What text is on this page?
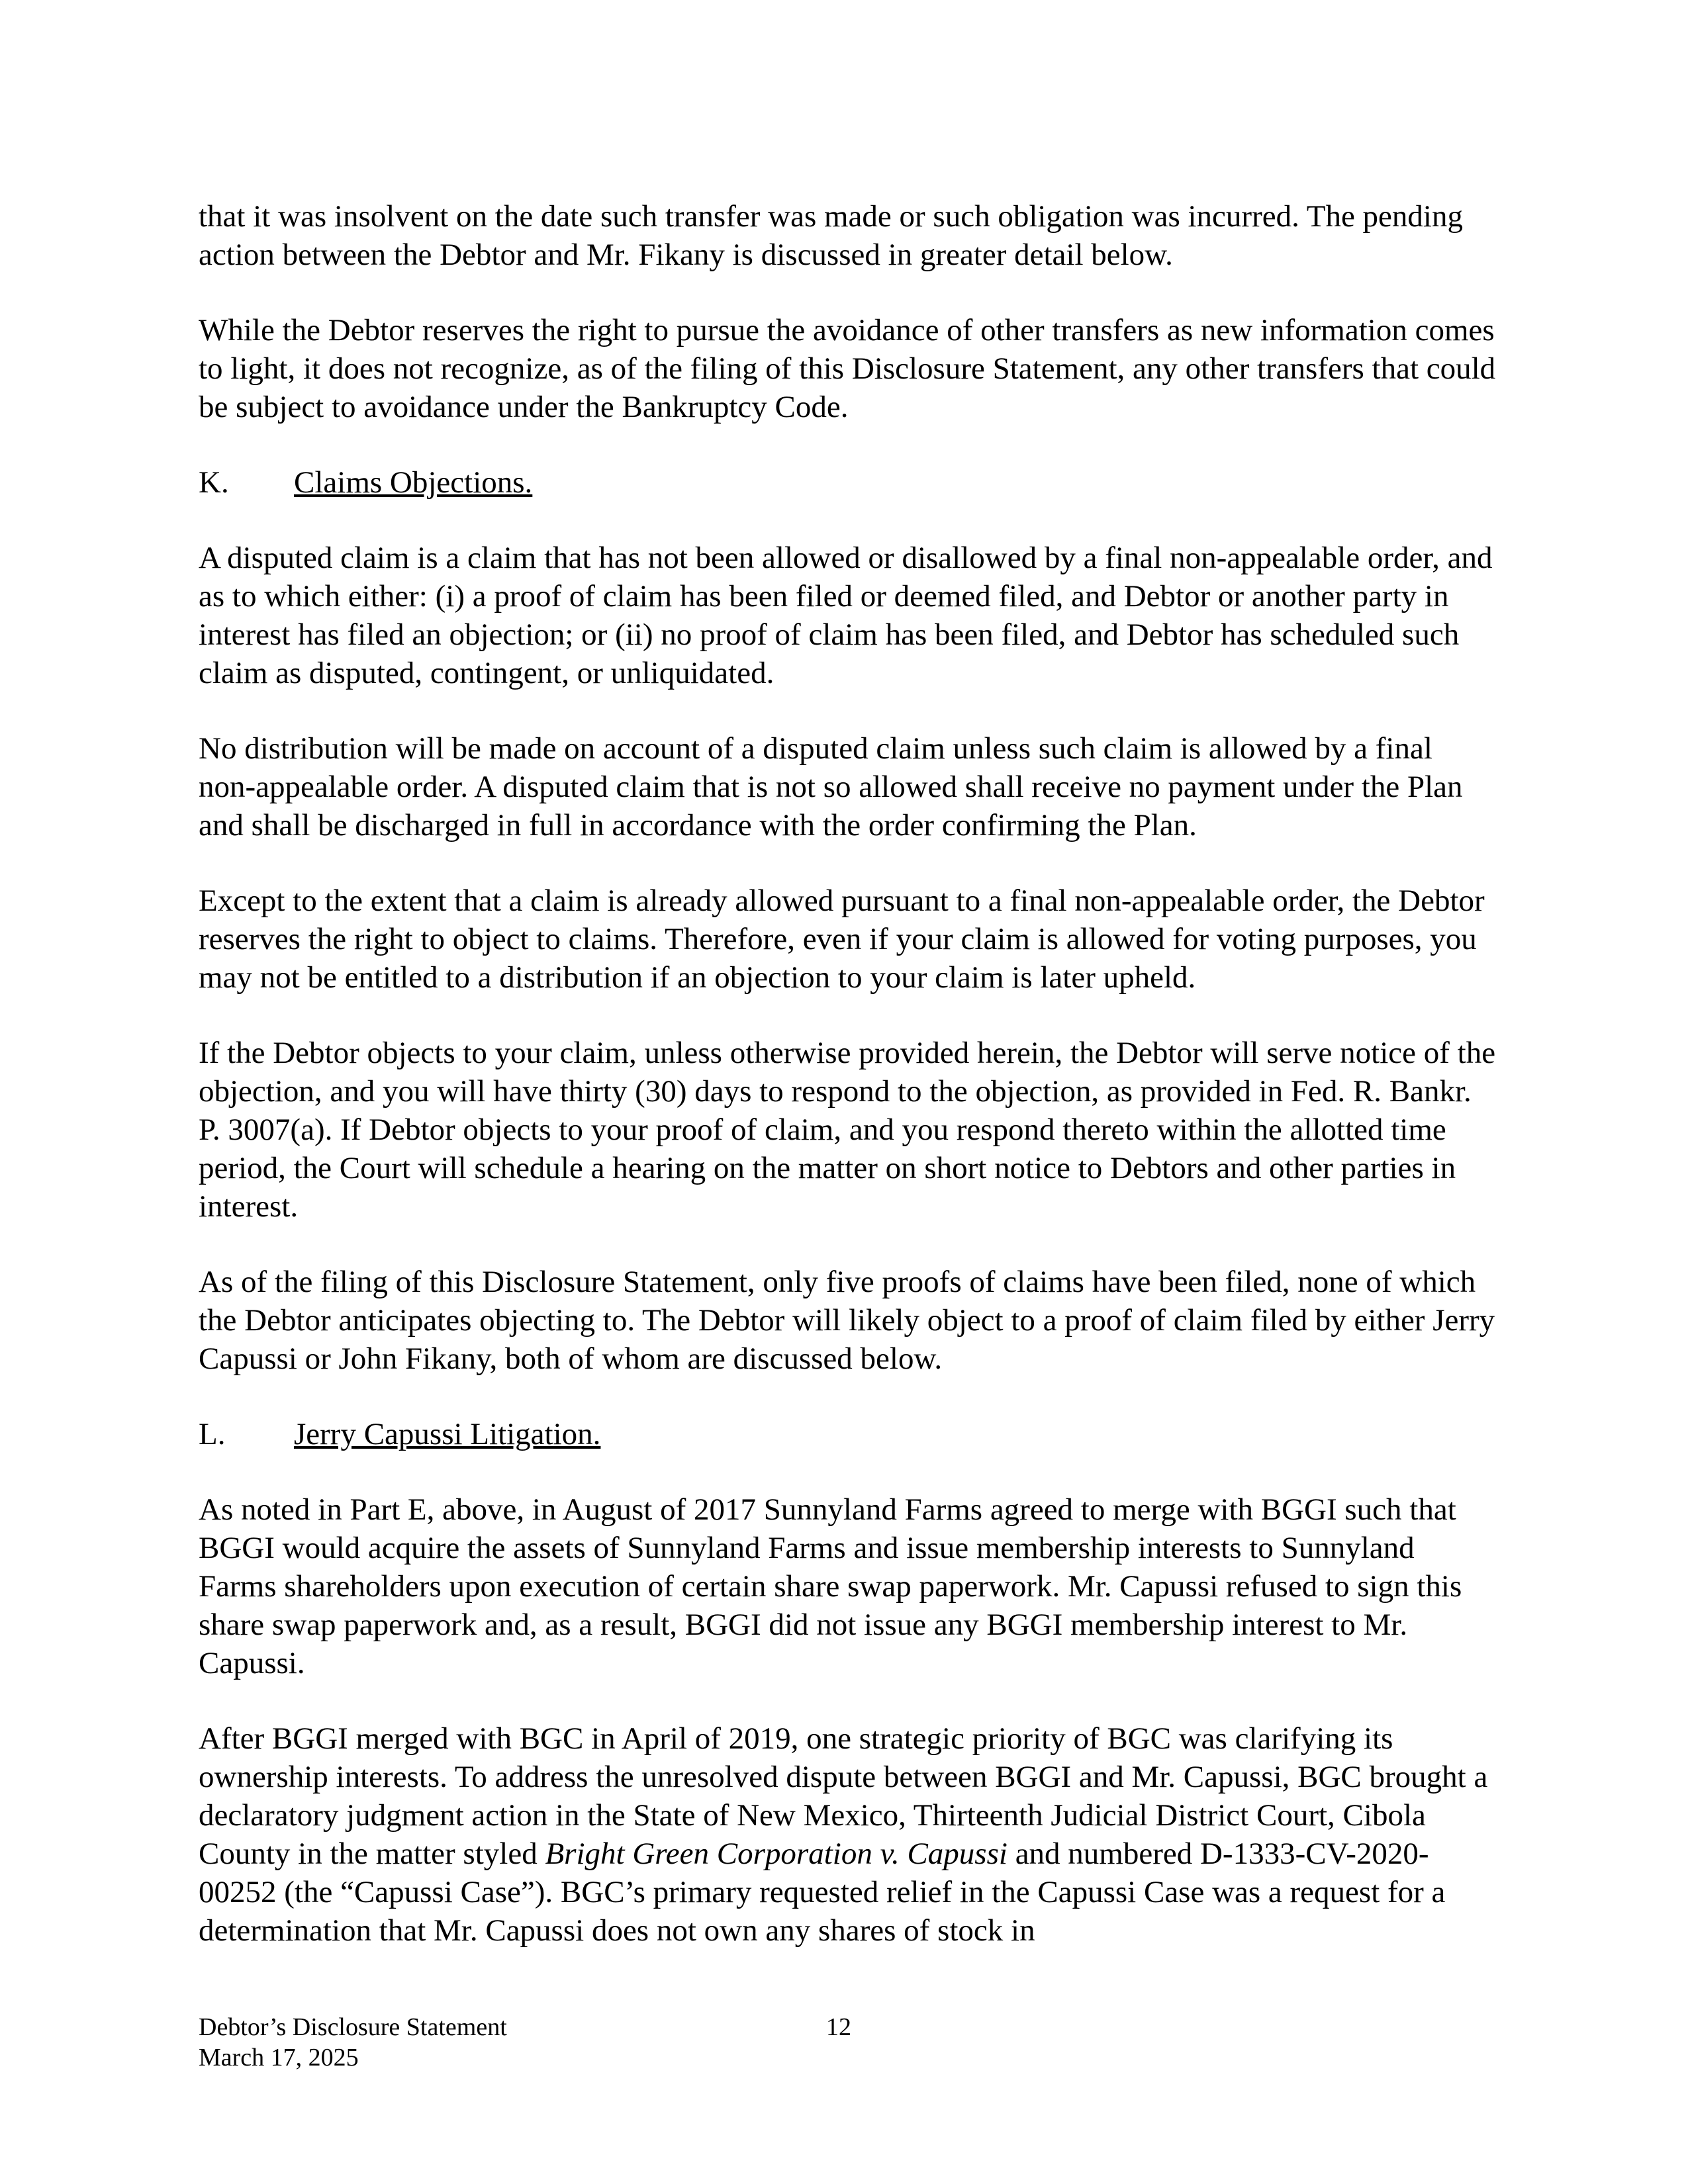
that it was insolvent on the date such transfer was made or such obligation was incurred. The pending action between the Debtor and Mr. Fikany is discussed in greater detail below.

While the Debtor reserves the right to pursue the avoidance of other transfers as new information comes to light, it does not recognize, as of the filing of this Disclosure Statement, any other transfers that could be subject to avoidance under the Bankruptcy Code.

K. Claims Objections.

A disputed claim is a claim that has not been allowed or disallowed by a final non-appealable order, and as to which either: (i) a proof of claim has been filed or deemed filed, and Debtor or another party in interest has filed an objection; or (ii) no proof of claim has been filed, and Debtor has scheduled such claim as disputed, contingent, or unliquidated.

No distribution will be made on account of a disputed claim unless such claim is allowed by a final non-appealable order. A disputed claim that is not so allowed shall receive no payment under the Plan and shall be discharged in full in accordance with the order confirming the Plan.

Except to the extent that a claim is already allowed pursuant to a final non-appealable order, the Debtor reserves the right to object to claims. Therefore, even if your claim is allowed for voting purposes, you may not be entitled to a distribution if an objection to your claim is later upheld.

If the Debtor objects to your claim, unless otherwise provided herein, the Debtor will serve notice of the objection, and you will have thirty (30) days to respond to the objection, as provided in Fed. R. Bankr. P. 3007(a). If Debtor objects to your proof of claim, and you respond thereto within the allotted time period, the Court will schedule a hearing on the matter on short notice to Debtors and other parties in interest.

As of the filing of this Disclosure Statement, only five proofs of claims have been filed, none of which the Debtor anticipates objecting to. The Debtor will likely object to a proof of claim filed by either Jerry Capussi or John Fikany, both of whom are discussed below.

L. Jerry Capussi Litigation.

As noted in Part E, above, in August of 2017 Sunnyland Farms agreed to merge with BGGI such that BGGI would acquire the assets of Sunnyland Farms and issue membership interests to Sunnyland Farms shareholders upon execution of certain share swap paperwork. Mr. Capussi refused to sign this share swap paperwork and, as a result, BGGI did not issue any BGGI membership interest to Mr. Capussi.

After BGGI merged with BGC in April of 2019, one strategic priority of BGC was clarifying its ownership interests. To address the unresolved dispute between BGGI and Mr. Capussi, BGC brought a declaratory judgment action in the State of New Mexico, Thirteenth Judicial District Court, Cibola County in the matter styled Bright Green Corporation v. Capussi and numbered D-1333-CV-2020-00252 (the “Capussi Case”). BGC’s primary requested relief in the Capussi Case was a request for a determination that Mr. Capussi does not own any shares of stock in

Debtor’s Disclosure Statement
March 17, 2025
12
